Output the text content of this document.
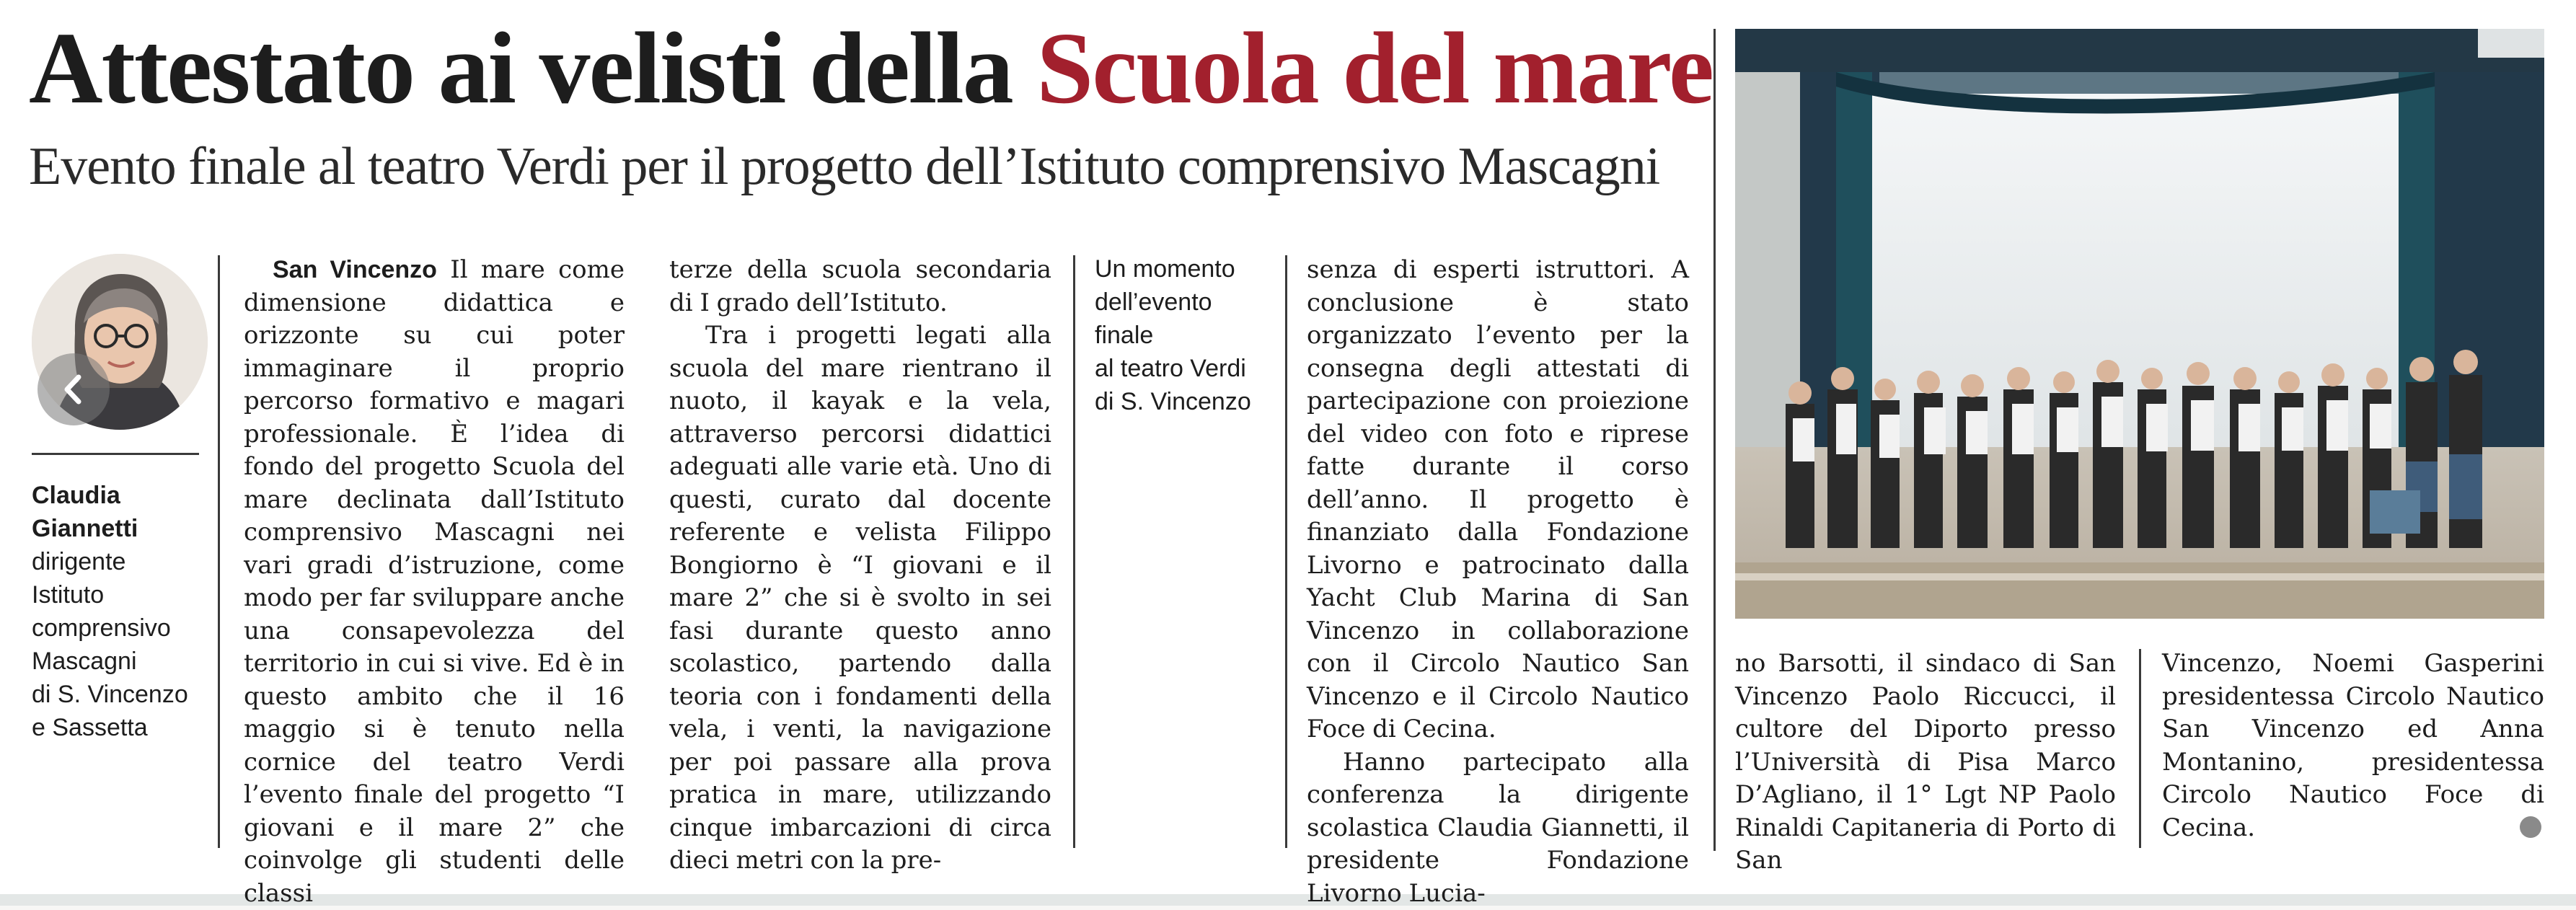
Attestato ai velisti della Scuola del mare
Evento finale al teatro Verdi per il progetto dell’Istituto comprensivo Mascagni
Claudia
Giannetti
dirigente
Istituto
comprensivo
Mascagni
di S. Vincenzo
e Sassetta

San Vincenzo Il mare come dimensione didattica e orizzonte su cui poter immaginare il proprio percorso formativo e magari professionale. È l’idea di fondo del progetto Scuola del mare declinata dall’Istituto comprensivo Mascagni nei vari gradi d’istruzione, come modo per far sviluppare anche una consapevolezza del territorio in cui si vive. Ed è in questo ambito che il 16 maggio si è tenuto nella cornice del teatro Verdi l’evento finale del progetto “I giovani e il mare 2” che coinvolge gli studenti delle classi

terze della scuola secondaria di I grado dell’Istituto.

Tra i progetti legati alla scuola del mare rientrano il nuoto, il kayak e la vela, attraverso percorsi didattici adeguati alle varie età. Uno di questi, curato dal docente referente e velista Filippo Bongiorno è “I giovani e il mare 2” che si è svolto in sei fasi durante questo anno scolastico, partendo dalla teoria con i fondamenti della vela, i venti, la navigazione per poi passare alla prova pratica in mare, utilizzando cinque imbarcazioni di circa dieci metri con la pre-

Un momento
dell’evento
finale
al teatro Verdi
di S. Vincenzo

senza di esperti istruttori. A conclusione è stato organizzato l’evento per la consegna degli attestati di partecipazione con proiezione del video con foto e riprese fatte durante il corso dell’anno. Il progetto è finanziato dalla Fondazione Livorno e patrocinato dalla Yacht Club Marina di San Vincenzo in collaborazione con il Circolo Nautico San Vincenzo e il Circolo Nautico Foce di Cecina.

Hanno partecipato alla conferenza la dirigente scolastica Claudia Giannetti, il presidente Fondazione Livorno Lucia-

no Barsotti, il sindaco di San Vincenzo Paolo Riccucci, il cultore del Diporto presso l’Università di Pisa Marco D’Agliano, il 1° Lgt NP Paolo Rinaldi Capitaneria di Porto di San

Vincenzo, Noemi Gasperini presidentessa Circolo Nautico San Vincenzo ed Anna Montanino, presidentessa Circolo Nautico Foce di Cecina.
